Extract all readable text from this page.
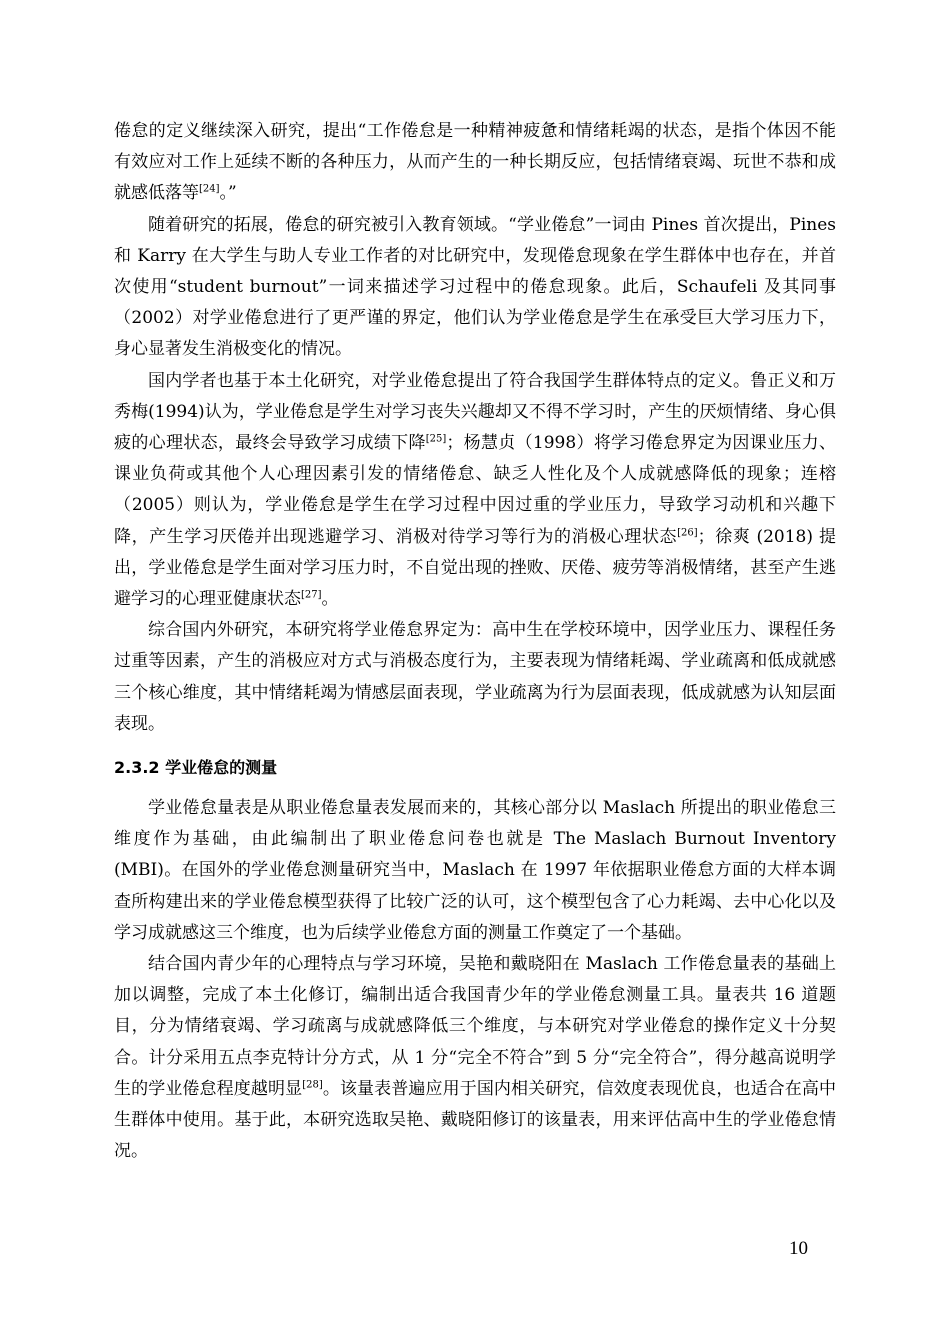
倦怠的定义继续深入研究，提出“工作倦怠是一种精神疲惫和情绪耗竭的状态，是指个体因不能有效应对工作上延续不断的各种压力，从而产生的一种长期反应，包括情绪衰竭、玩世不恭和成就感低落等[24]。”

随着研究的拓展，倦怠的研究被引入教育领域。“学业倦怠”一词由 Pines 首次提出，Pines 和 Karry 在大学生与助人专业工作者的对比研究中，发现倦怠现象在学生群体中也存在，并首次使用“student burnout”一词来描述学习过程中的倦怠现象。此后，Schaufeli 及其同事（2002）对学业倦怠进行了更严谨的界定，他们认为学业倦怠是学生在承受巨大学习压力下，身心显著发生消极变化的情况。

国内学者也基于本土化研究，对学业倦怠提出了符合我国学生群体特点的定义。鲁正义和万秀梅(1994)认为，学业倦怠是学生对学习丧失兴趣却又不得不学习时，产生的厌烦情绪、身心俱疲的心理状态，最终会导致学习成绩下降[25]；杨慧贞（1998）将学习倦怠界定为因课业压力、课业负荷或其他个人心理因素引发的情绪倦怠、缺乏人性化及个人成就感降低的现象；连榕（2005）则认为，学业倦怠是学生在学习过程中因过重的学业压力，导致学习动机和兴趣下降，产生学习厌倦并出现逃避学习、消极对待学习等行为的消极心理状态[26]；徐爽 (2018) 提出，学业倦怠是学生面对学习压力时，不自觉出现的挫败、厌倦、疲劳等消极情绪，甚至产生逃避学习的心理亚健康状态[27]。

综合国内外研究，本研究将学业倦怠界定为：高中生在学校环境中，因学业压力、课程任务过重等因素，产生的消极应对方式与消极态度行为，主要表现为情绪耗竭、学业疏离和低成就感三个核心维度，其中情绪耗竭为情感层面表现，学业疏离为行为层面表现，低成就感为认知层面表现。

2.3.2 学业倦怠的测量

学业倦怠量表是从职业倦怠量表发展而来的，其核心部分以 Maslach 所提出的职业倦怠三维度作为基础，由此编制出了职业倦怠问卷也就是 The Maslach Burnout Inventory (MBI)。在国外的学业倦怠测量研究当中，Maslach 在 1997 年依据职业倦怠方面的大样本调查所构建出来的学业倦怠模型获得了比较广泛的认可，这个模型包含了心力耗竭、去中心化以及学习成就感这三个维度，也为后续学业倦怠方面的测量工作奠定了一个基础。

结合国内青少年的心理特点与学习环境，吴艳和戴晓阳在 Maslach 工作倦怠量表的基础上加以调整，完成了本土化修订，编制出适合我国青少年的学业倦怠测量工具。量表共 16 道题目，分为情绪衰竭、学习疏离与成就感降低三个维度，与本研究对学业倦怠的操作定义十分契合。计分采用五点李克特计分方式，从 1 分“完全不符合”到 5 分“完全符合”，得分越高说明学生的学业倦怠程度越明显[28]。该量表普遍应用于国内相关研究，信效度表现优良，也适合在高中生群体中使用。基于此，本研究选取吴艳、戴晓阳修订的该量表，用来评估高中生的学业倦怠情况。

10
